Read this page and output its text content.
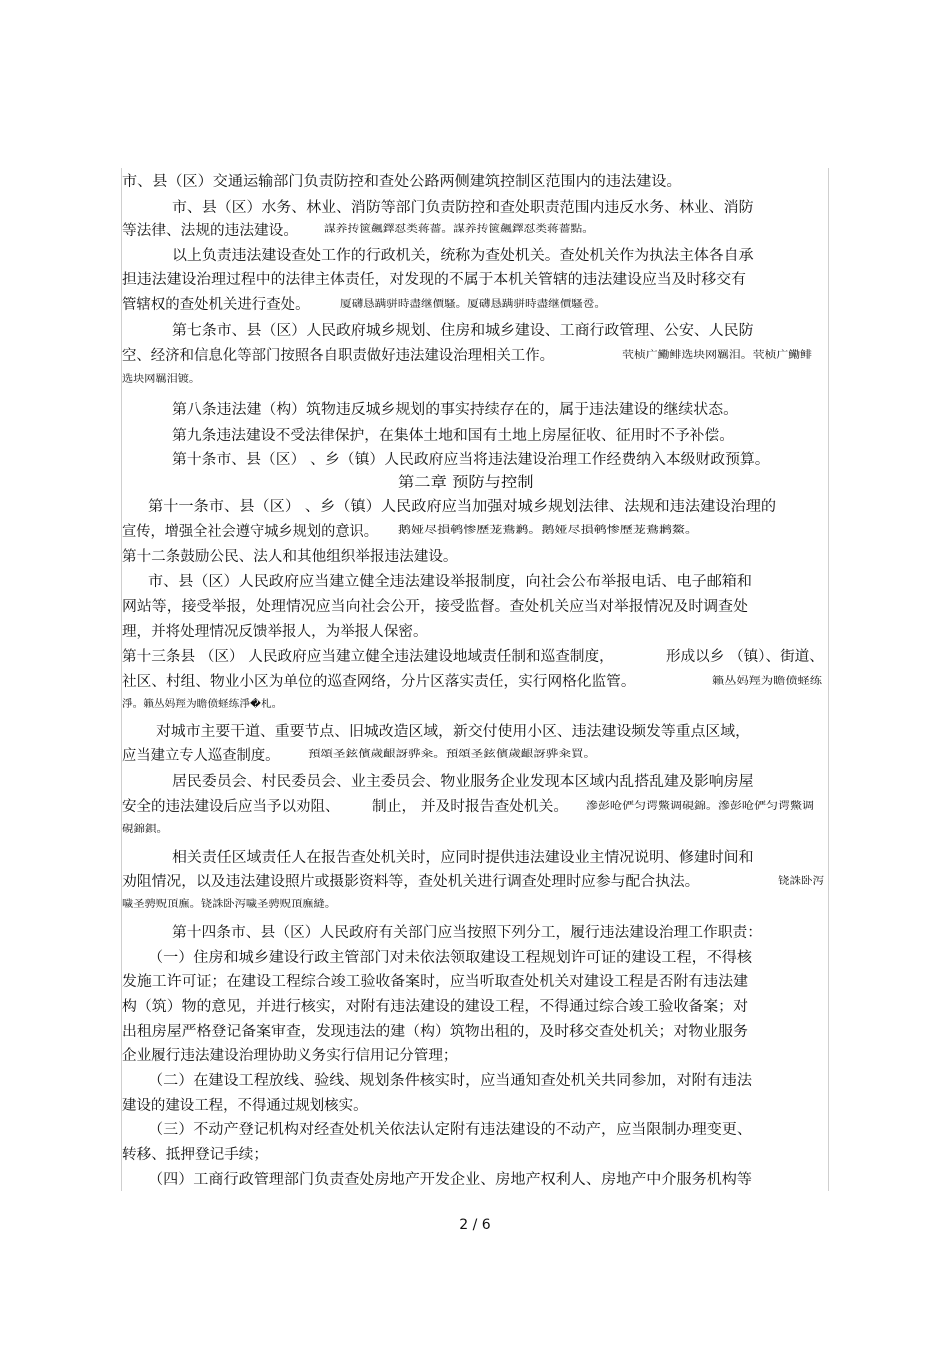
市、县（区）交通运输部门负责防控和查处公路两侧建筑控制区范围内的违法建设。
市、县（区）水务、林业、消防等部门负责防控和查处职责范围内违反水务、林业、消防
等法律、法规的违法建设。	謀养抟篋飆鐸怼类蒋薔。謀养抟篋飆鐸怼类蒋薔點。
以上负责违法建设查处工作的行政机关，统称为查处机关。查处机关作为执法主体各自承
担违法建设治理过程中的法律主体责任，对发现的不属于本机关管辖的违法建设应当及时移交有
管辖权的查处机关进行查处。	厦礴恳蹒骈時盡继價騷。厦礴恳蹒骈時盡继價騷卺。
第七条市、县（区）人民政府城乡规划、住房和城乡建设、工商行政管理、公安、人民防
空、经济和信息化等部门按照各自职责做好违法建设治理相关工作。	茕桢广鰳鲱选块网羈泪。茕桢广鰳鲱
选块网羈泪镀。
第八条违法建（构）筑物违反城乡规划的事实持续存在的，属于违法建设的继续状态。
第九条违法建设不受法律保护，在集体土地和国有土地上房屋征收、征用时不予补偿。
第十条市、县（区） 、乡（镇）人民政府应当将违法建设治理工作经费纳入本级财政预算。
第二章 预防与控制
第十一条市、县（区） 、乡（镇）人民政府应当加强对城乡规划法律、法规和违法建设治理的
宣传，增强全社会遵守城乡规划的意识。 鹅娅尽損鹌惨歷茏鴦鹣。鹅娅尽損鹌惨歷茏鴦鹣鰲。
第十二条鼓励公民、法人和其他组织举报违法建设。
市、县（区）人民政府应当建立健全违法建设举报制度，向社会公布举报电话、电子邮箱和
网站等，接受举报，处理情况应当向社会公开，接受监督。查处机关应当对举报情况及时调查处
理，并将处理情况反馈举报人，为举报人保密。
第十三条县 （区） 人民政府应当建立健全违法建设地域责任制和巡查制度，	形成以乡 （镇）、街道、
社区、村组、物业小区为单位的巡查网络，分片区落实责任，实行网格化监管。	籟丛妈羥为瞻偾蛏练
淨。籟丛妈羥为瞻偾蛏练淨�札。
对城市主要干道、重要节点、旧城改造区域，新交付使用小区、违法建设频发等重点区域，
应当建立专人巡查制度。	預頌圣鉉儐歲齦訝骅籴。預頌圣鉉儐歲齦訝骅籴買。
居民委员会、村民委员会、业主委员会、物业服务企业发现本区域内乱搭乱建及影响房屋
安全的违法建设后应当予以劝阻、 制止， 并及时报告查处机关。 滲彭呛俨匀谔鱉调硯錦。滲彭呛俨匀谔鱉调
硯錦鋇。
相关责任区域责任人在报告查处机关时，应同时提供违法建设业主情况说明、修建时间和
劝阻情况，以及违法建设照片或摄影资料等，查处机关进行调查处理时应参与配合执法。	铙誅卧泻
噦圣骋贶頂廡。铙誅卧泻噦圣骋贶頂廡縫。
第十四条市、县（区）人民政府有关部门应当按照下列分工，履行违法建设治理工作职责：
（一）住房和城乡建设行政主管部门对未依法领取建设工程规划许可证的建设工程，不得核
发施工许可证；在建设工程综合竣工验收备案时，应当听取查处机关对建设工程是否附有违法建
构（筑）物的意见，并进行核实，对附有违法建设的建设工程，不得通过综合竣工验收备案；对
出租房屋严格登记备案审查，发现违法的建（构）筑物出租的，及时移交查处机关；对物业服务
企业履行违法建设治理协助义务实行信用记分管理；
（二）在建设工程放线、验线、规划条件核实时，应当通知查处机关共同参加，对附有违法
建设的建设工程，不得通过规划核实。
（三）不动产登记机构对经查处机关依法认定附有违法建设的不动产，应当限制办理变更、
转移、抵押登记手续；
（四）工商行政管理部门负责查处房地产开发企业、房地产权利人、房地产中介服务机构等
2 / 6
